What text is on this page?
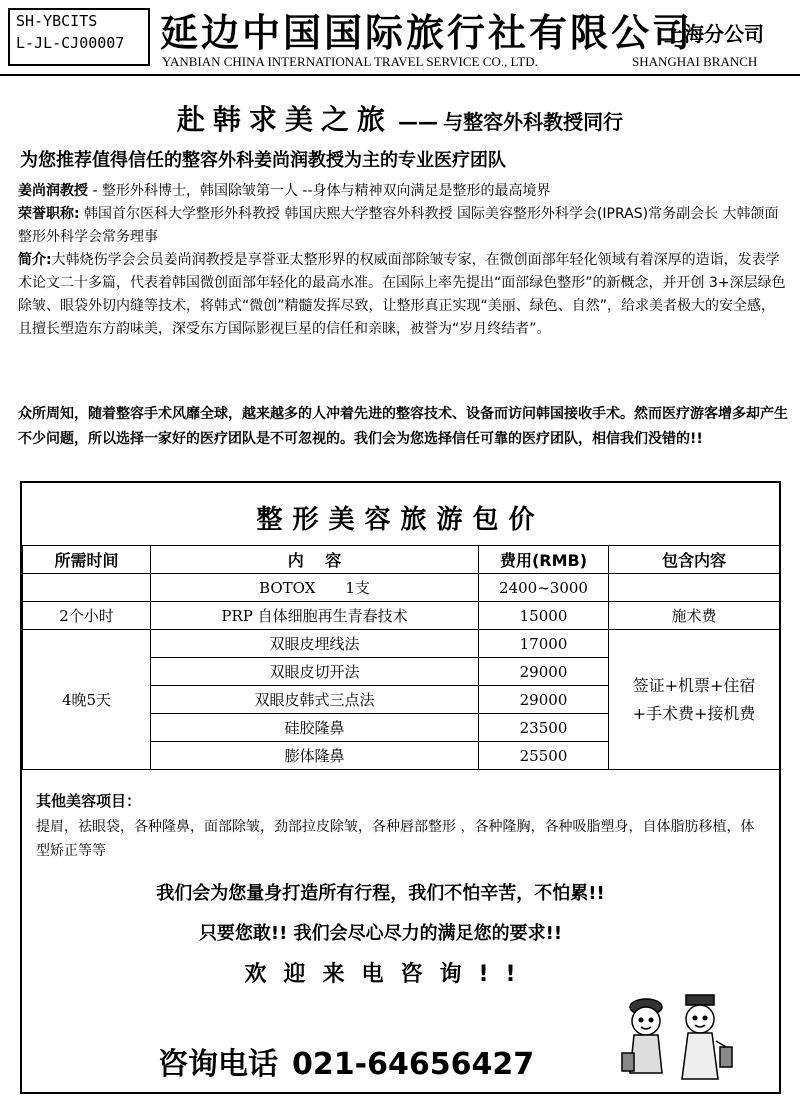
SH-YBCITS
L-JL-CJ00007 延边中国国际旅行社有限公司
上海分公司
YANBIAN CHINA INTERNATIONAL TRAVEL SERVICE CO., LTD.	SHANGHAI BRANCH
赴韩求美之旅 —— 与整容外科教授同行
为您推荐值得信任的整容外科姜尚润教授为主的专业医疗团队

姜尚润教授 - 整形外科博士，韩国除皱第一人 --身体与精神双向满足是整形的最高境界

荣誉职称: 韩国首尔医科大学整形外科教授 韩国庆熙大学整容外科教授 国际美容整形外科学会(IPRAS)常务副会长 大韩颌面整形外科学会常务理事

简介:大韩烧伤学会会员姜尚润教授是享誉亚太整形界的权威面部除皱专家，在微创面部年轻化领域有着深厚的造诣，发表学术论文二十多篇，代表着韩国微创面部年轻化的最高水准。在国际上率先提出“面部绿色整形”的新概念，并开创 3+深层绿色除皱、眼袋外切内缝等技术，将韩式“微创”精髓发挥尽致，让整形真正实现“美丽、绿色、自然”，给求美者极大的安全感，且擅长塑造东方韵味美，深受东方国际影视巨星的信任和亲睐，被誉为“岁月终结者”。

众所周知，随着整容手术风靡全球，越来越多的人冲着先进的整容技术、设备而访问韩国接收手术。然而医疗游客增多却产生不少问题，所以选择一家好的医疗团队是不可忽视的。我们会为您选择信任可靠的医疗团队，相信我们没错的!!
整形美容旅游包价
所需时间	内　 容	费用(RMB)	包含内容
	BOTOX　　1支	2400~3000	
2个小时	PRP 自体细胞再生青春技术	15000	施术费
4晚5天	双眼皮埋线法	17000	签证+机票+住宿+手术费+接机费

	双眼皮切开法	29000	
	双眼皮韩式三点法	29000	
	硅胶隆鼻	23500	
	膨体隆鼻	25500	
其他美容项目：
提眉，祛眼袋，各种隆鼻，面部除皱，劲部拉皮除皱，各种唇部整形 ，各种隆胸，各种吸脂塑身，自体脂肪移植，体型矫正等等
我们会为您量身打造所有行程，我们不怕辛苦，不怕累!!
只要您敢!! 我们会尽心尽力的满足您的要求!!
欢迎来电咨询!!
咨询电话 021-64656427
